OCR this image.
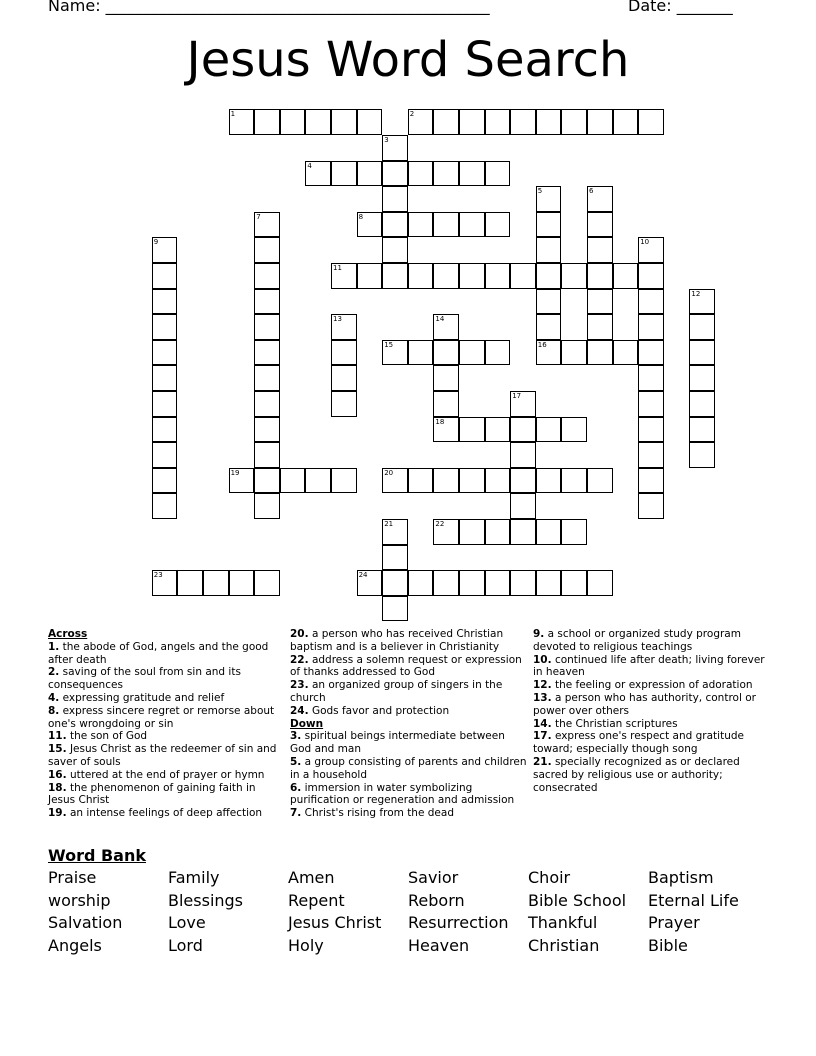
Name: ________________________________________________	Date: _______
Jesus Word Search
1	2
3
4
5	6
7	8
9	10
11
12
13	14
15	16
17
18
19	20
21	22
23	24
Across
1. the abode of God, angels and the good after death
2. saving of the soul from sin and its consequences
4. expressing gratitude and relief
8. express sincere regret or remorse about one's wrongdoing or sin
11. the son of God
15. Jesus Christ as the redeemer of sin and saver of souls
16. uttered at the end of prayer or hymn
18. the phenomenon of gaining faith in Jesus Christ
19. an intense feelings of deep affection
20. a person who has received Christian baptism and is a believer in Christianity
22. address a solemn request or expression of thanks addressed to God
23. an organized group of singers in the church
24. Gods favor and protection
Down
3. spiritual beings intermediate between God and man
5. a group consisting of parents and children in a household
6. immersion in water symbolizing purification or regeneration and admission
7. Christ's rising from the dead
9. a school or organized study program devoted to religious teachings
10. continued life after death; living forever in heaven
12. the feeling or expression of adoration
13. a person who has authority, control or power over others
14. the Christian scriptures
17. express one's respect and gratitude toward; especially though song
21. specially recognized as or declared sacred by religious use or authority; consecrated
Word Bank
Praise	Family	Amen	Savior	Choir	Baptism
worship	Blessings	Repent	Reborn	Bible School	Eternal Life
Salvation	Love	Jesus Christ	Resurrection	Thankful	Prayer
Angels	Lord	Holy	Heaven	Christian	Bible
